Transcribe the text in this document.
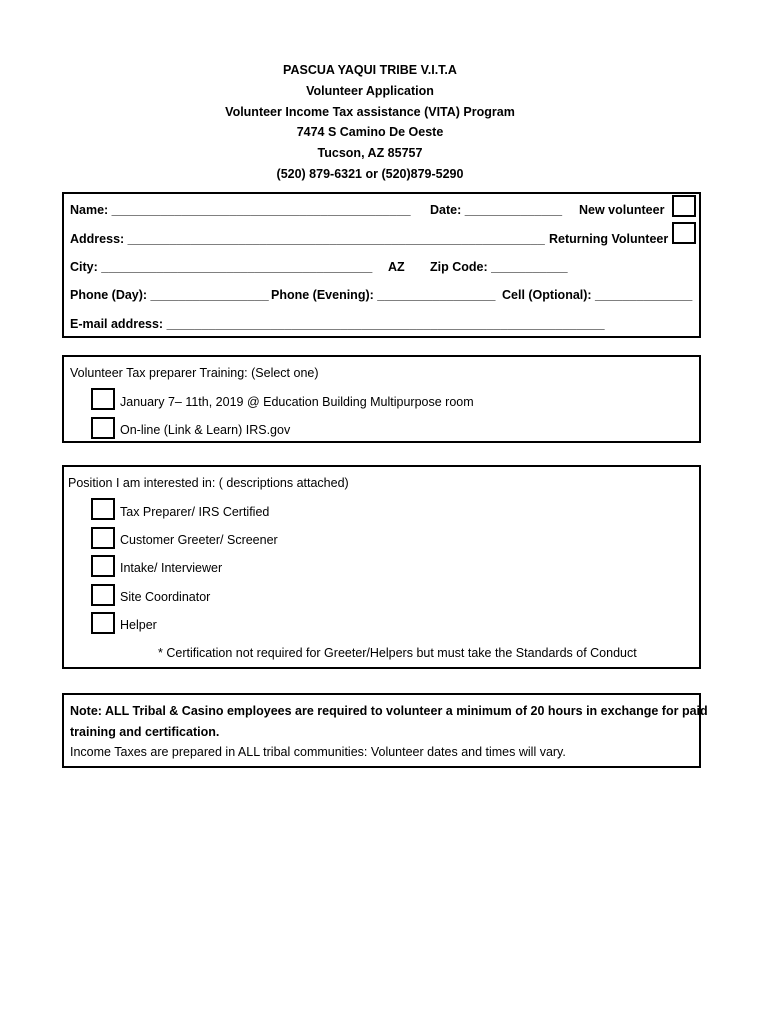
PASCUA YAQUI TRIBE V.I.T.A
Volunteer Application
Volunteer Income Tax assistance (VITA) Program
7474 S Camino De Oeste
Tucson, AZ 85757
(520) 879-6321 or (520)879-5290
Name: ___________________________________________ Date: ______________ New volunteer
Address: ____________________________________________________________ Returning Volunteer
City: _______________________________________ AZ Zip Code: ___________
Phone (Day): _________________ Phone (Evening): _________________ Cell (Optional): ______________
E-mail address: _______________________________________________________________
Volunteer Tax preparer Training: (Select one)
January 7– 11th, 2019 @ Education Building Multipurpose room
On-line (Link & Learn) IRS.gov
Position I am interested in: ( descriptions attached)
Tax Preparer/ IRS Certified
Customer Greeter/ Screener
Intake/ Interviewer
Site Coordinator
Helper
* Certification not required for Greeter/Helpers but must take the Standards of Conduct
Note: ALL Tribal & Casino employees are required to volunteer a minimum of 20 hours in exchange for paid
training and certification.
Income Taxes are prepared in ALL tribal communities: Volunteer dates and times will vary.
